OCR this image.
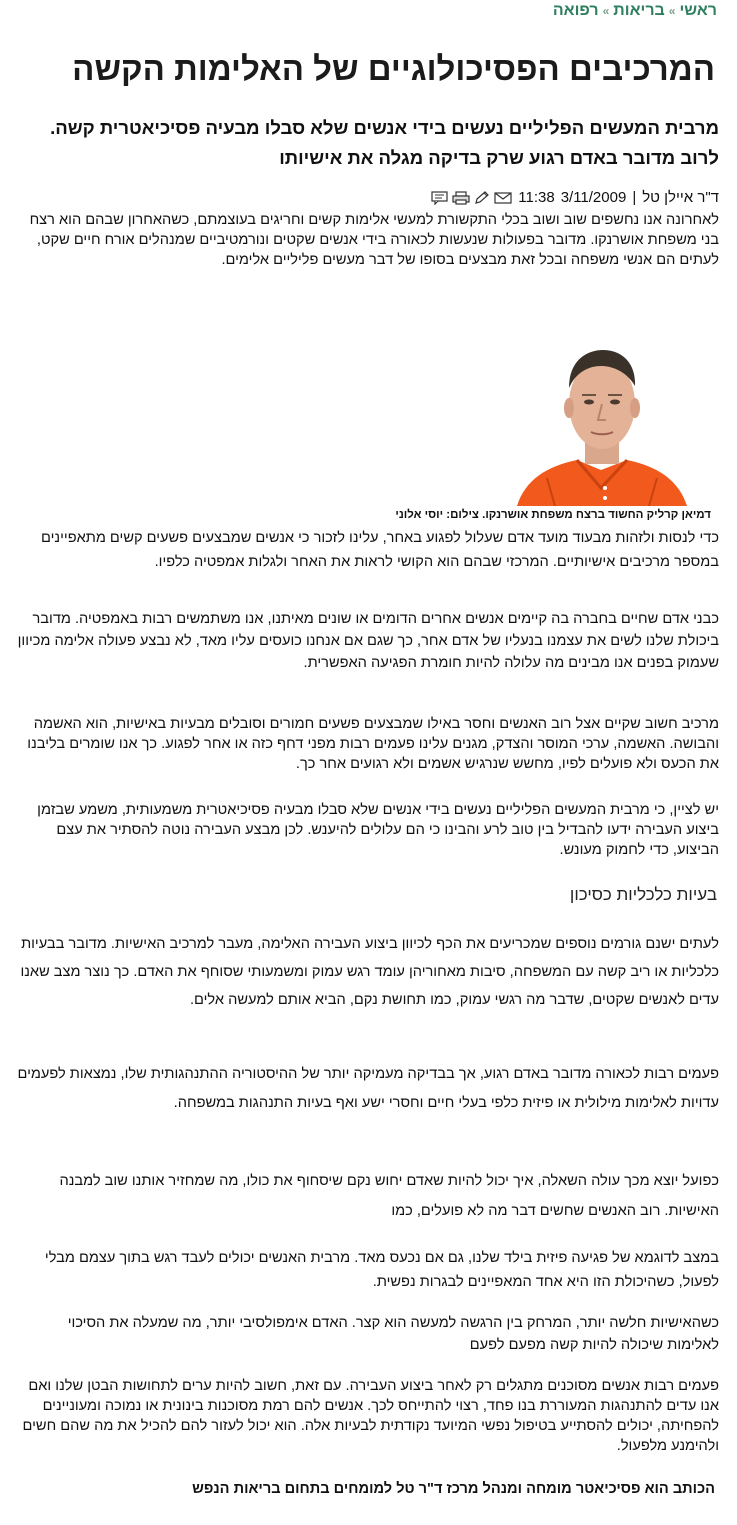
ראשי»בריאות»רפואה
המרכיבים הפסיכולוגיים של האלימות הקשה
מרבית המעשים הפליליים נעשים בידי אנשים שלא סבלו מבעיה פסיכיאטרית קשה. לרוב מדובר באדם רגוע שרק בדיקה מגלה את אישיותו
ד"ר איילן טל
|
3/11/2009
11:38

לאחרונה אנו נחשפים שוב ושוב בכלי התקשורת למעשי אלימות קשים וחריגים בעוצמתם, כשהאחרון שבהם הוא רצח בני משפחת אושרנקו. מדובר בפעולות שנעשות לכאורה בידי אנשים שקטים ונורמטיביים שמנהלים אורח חיים שקט, לעתים הם אנשי משפחה ובכל זאת מבצעים בסופו של דבר מעשים פליליים אלימים.

דמיאן קרליק החשוד ברצח משפחת אושרנקו. צילום: יוסי אלוני

כדי לנסות ולזהות מבעוד מועד אדם שעלול לפגוע באחר, עלינו לזכור כי אנשים שמבצעים פשעים קשים מתאפיינים במספר מרכיבים אישיותיים. המרכזי שבהם הוא הקושי לראות את האחר ולגלות אמפטיה כלפיו.

כבני אדם שחיים בחברה בה קיימים אנשים אחרים הדומים או שונים מאיתנו, אנו משתמשים רבות באמפטיה. מדובר ביכולת שלנו לשים את עצמנו בנעליו של אדם אחר, כך שגם אם אנחנו כועסים עליו מאד, לא נבצע פעולה אלימה מכיוון שעמוק בפנים אנו מבינים מה עלולה להיות חומרת הפגיעה האפשרית.

מרכיב חשוב שקיים אצל רוב האנשים וחסר באילו שמבצעים פשעים חמורים וסובלים מבעיות באישיות, הוא האשמה והבושה. האשמה, ערכי המוסר והצדק, מגנים עלינו פעמים רבות מפני דחף כזה או אחר לפגוע. כך אנו שומרים בליבנו את הכעס ולא פועלים לפיו, מחשש שנרגיש אשמים ולא רגועים אחר כך.

יש לציין, כי מרבית המעשים הפליליים נעשים בידי אנשים שלא סבלו מבעיה פסיכיאטרית משמעותית, משמע שבזמן ביצוע העבירה ידעו להבדיל בין טוב לרע והבינו כי הם עלולים להיענש. לכן מבצע העבירה נוטה להסתיר את עצם הביצוע, כדי לחמוק מעונש.

בעיות כלכליות כסיכון

לעתים ישנם גורמים נוספים שמכריעים את הכף לכיוון ביצוע העבירה האלימה, מעבר למרכיב האישיות. מדובר בבעיות כלכליות או ריב קשה עם המשפחה, סיבות מאחוריהן עומד רגש עמוק ומשמעותי שסוחף את האדם. כך נוצר מצב שאנו עדים לאנשים שקטים, שדבר מה רגשי עמוק, כמו תחושת נקם, הביא אותם למעשה אלים.

פעמים רבות לכאורה מדובר באדם רגוע, אך בבדיקה מעמיקה יותר של ההיסטוריה ההתנהגותית שלו, נמצאות לפעמים עדויות לאלימות מילולית או פיזית כלפי בעלי חיים וחסרי ישע ואף בעיות התנהגות במשפחה.

כפועל יוצא מכך עולה השאלה, איך יכול להיות שאדם יחוש נקם שיסחוף את כולו, מה שמחזיר אותנו שוב למבנה האישיות. רוב האנשים שחשים דבר מה לא פועלים, כמו

במצב לדוגמא של פגיעה פיזית בילד שלנו, גם אם נכעס מאד. מרבית האנשים יכולים לעבד רגש בתוך עצמם מבלי לפעול, כשהיכולת הזו היא אחד המאפיינים לבגרות נפשית.

כשהאישיות חלשה יותר, המרחק בין הרגשה למעשה הוא קצר. האדם אימפולסיבי יותר, מה שמעלה את הסיכוי לאלימות שיכולה להיות קשה מפעם לפעם

פעמים רבות אנשים מסוכנים מתגלים רק לאחר ביצוע העבירה. עם זאת, חשוב להיות ערים לתחושות הבטן שלנו ואם אנו עדים להתנהגות המעוררת בנו פחד, רצוי להתייחס לכך. אנשים להם רמת מסוכנות בינונית או נמוכה ומעוניינים להפחיתה, יכולים להסתייע בטיפול נפשי המיועד נקודתית לבעיות אלה. הוא יכול לעזור להם להכיל את מה שהם חשים ולהימנע מלפעול.

הכותב הוא פסיכיאטר מומחה ומנהל מרכז ד"ר טל למומחים בתחום בריאות הנפש
